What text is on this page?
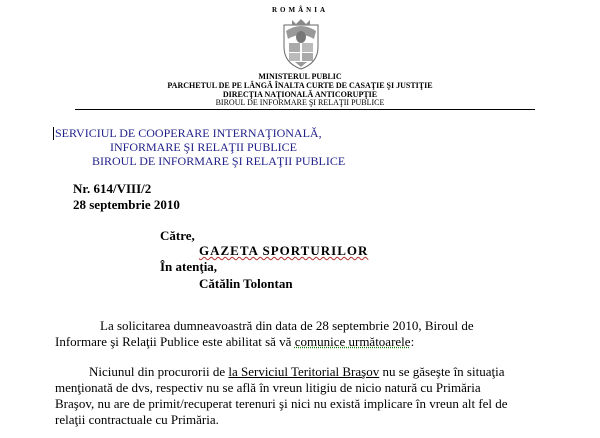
ROMÂNIA
MINISTERUL PUBLIC
PARCHETUL DE PE LÂNGĂ ÎNALTA CURTE DE CASAŢIE ŞI JUSTIŢIE
DIRECŢIA NAŢIONALĂ ANTICORUPŢIE
BIROUL DE INFORMARE ŞI RELAŢII PUBLICE
SERVICIUL DE COOPERARE INTERNAŢIONALĂ,
INFORMARE ŞI RELAŢII PUBLICE
BIROUL DE INFORMARE ŞI RELAŢII PUBLICE
Nr. 614/VIII/2
28 septembrie 2010
Către,
GAZETA SPORTURILOR
În atenţia,
Cătălin Tolontan
La solicitarea dumneavoastră din data de 28 septembrie 2010, Biroul de
Informare şi Relaţii Publice este abilitat să vă comunice următoarele:
Niciunul din procurorii de la Serviciul Teritorial Braşov nu se găseşte în situaţia
menţionată de dvs, respectiv nu se află în vreun litigiu de nicio natură cu Primăria
Braşov, nu are de primit/recuperat terenuri şi nici nu există implicare în vreun alt fel de
relaţii contractuale cu Primăria.
